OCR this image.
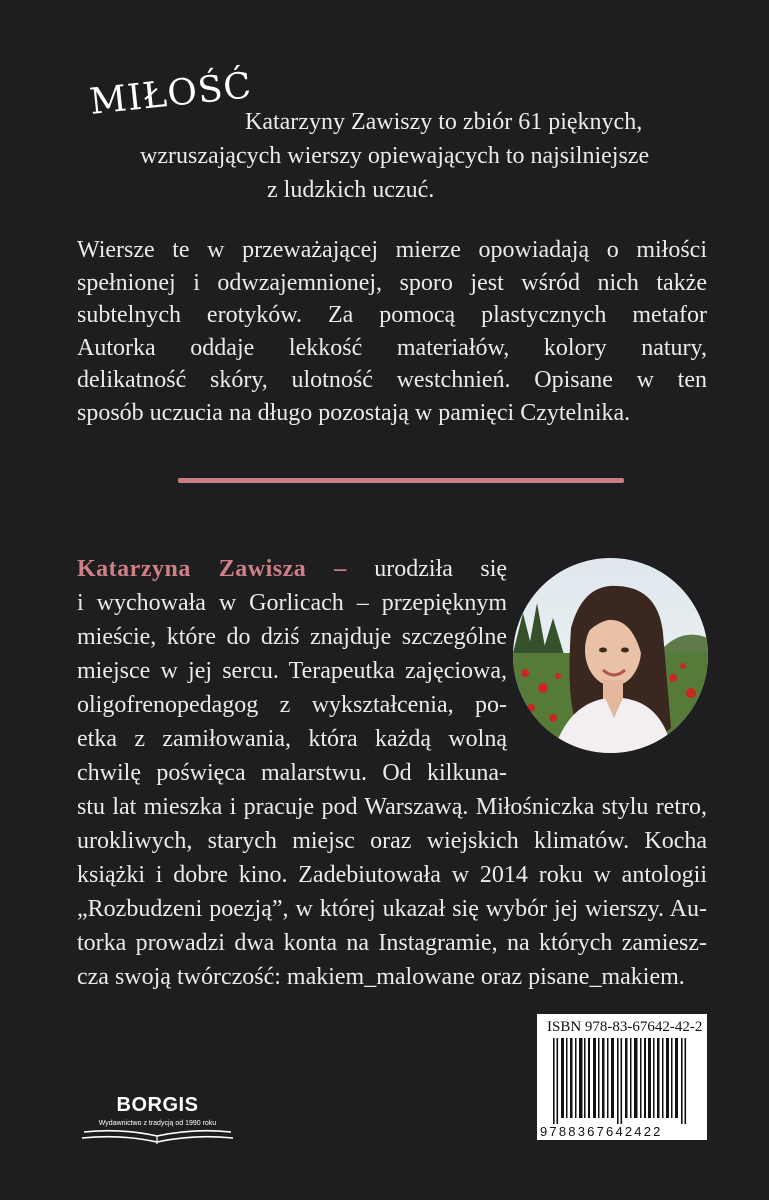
MIŁOŚĆ
Katarzyny Zawiszy to zbiór 61 pięknych,
wzruszających wierszy opiewających to najsilniejsze
z ludzkich uczuć.
Wiersze te w przeważającej mierze opowiadają o miłości
spełnionej i odwzajemnionej, sporo jest wśród nich także
subtelnych erotyków. Za pomocą plastycznych metafor
Autorka oddaje lekkość materiałów, kolory natury,
delikatność skóry, ulotność westchnień. Opisane w ten
sposób uczucia na długo pozostają w pamięci Czytelnika.
Katarzyna Zawisza – urodziła się
i wychowała w Gorlicach – przepięknym
mieście, które do dziś znajduje szczególne
miejsce w jej sercu. Terapeutka zajęciowa,
oligofrenopedagog z wykształcenia, po-
etka z zamiłowania, która każdą wolną
chwilę poświęca malarstwu. Od kilkuna-
stu lat mieszka i pracuje pod Warszawą. Miłośniczka stylu retro,
urokliwych, starych miejsc oraz wiejskich klimatów. Kocha
książki i dobre kino. Zadebiutowała w 2014 roku w antologii
„Rozbudzeni poezją”, w której ukazał się wybór jej wierszy. Au-
torka prowadzi dwa konta na Instagramie, na których zamiesz-
cza swoją twórczość: makiem_malowane oraz pisane_makiem.
BORGIS
Wydawnictwo z tradycją od 1990 roku
ISBN 978-83-67642-42-2
9788367642422
